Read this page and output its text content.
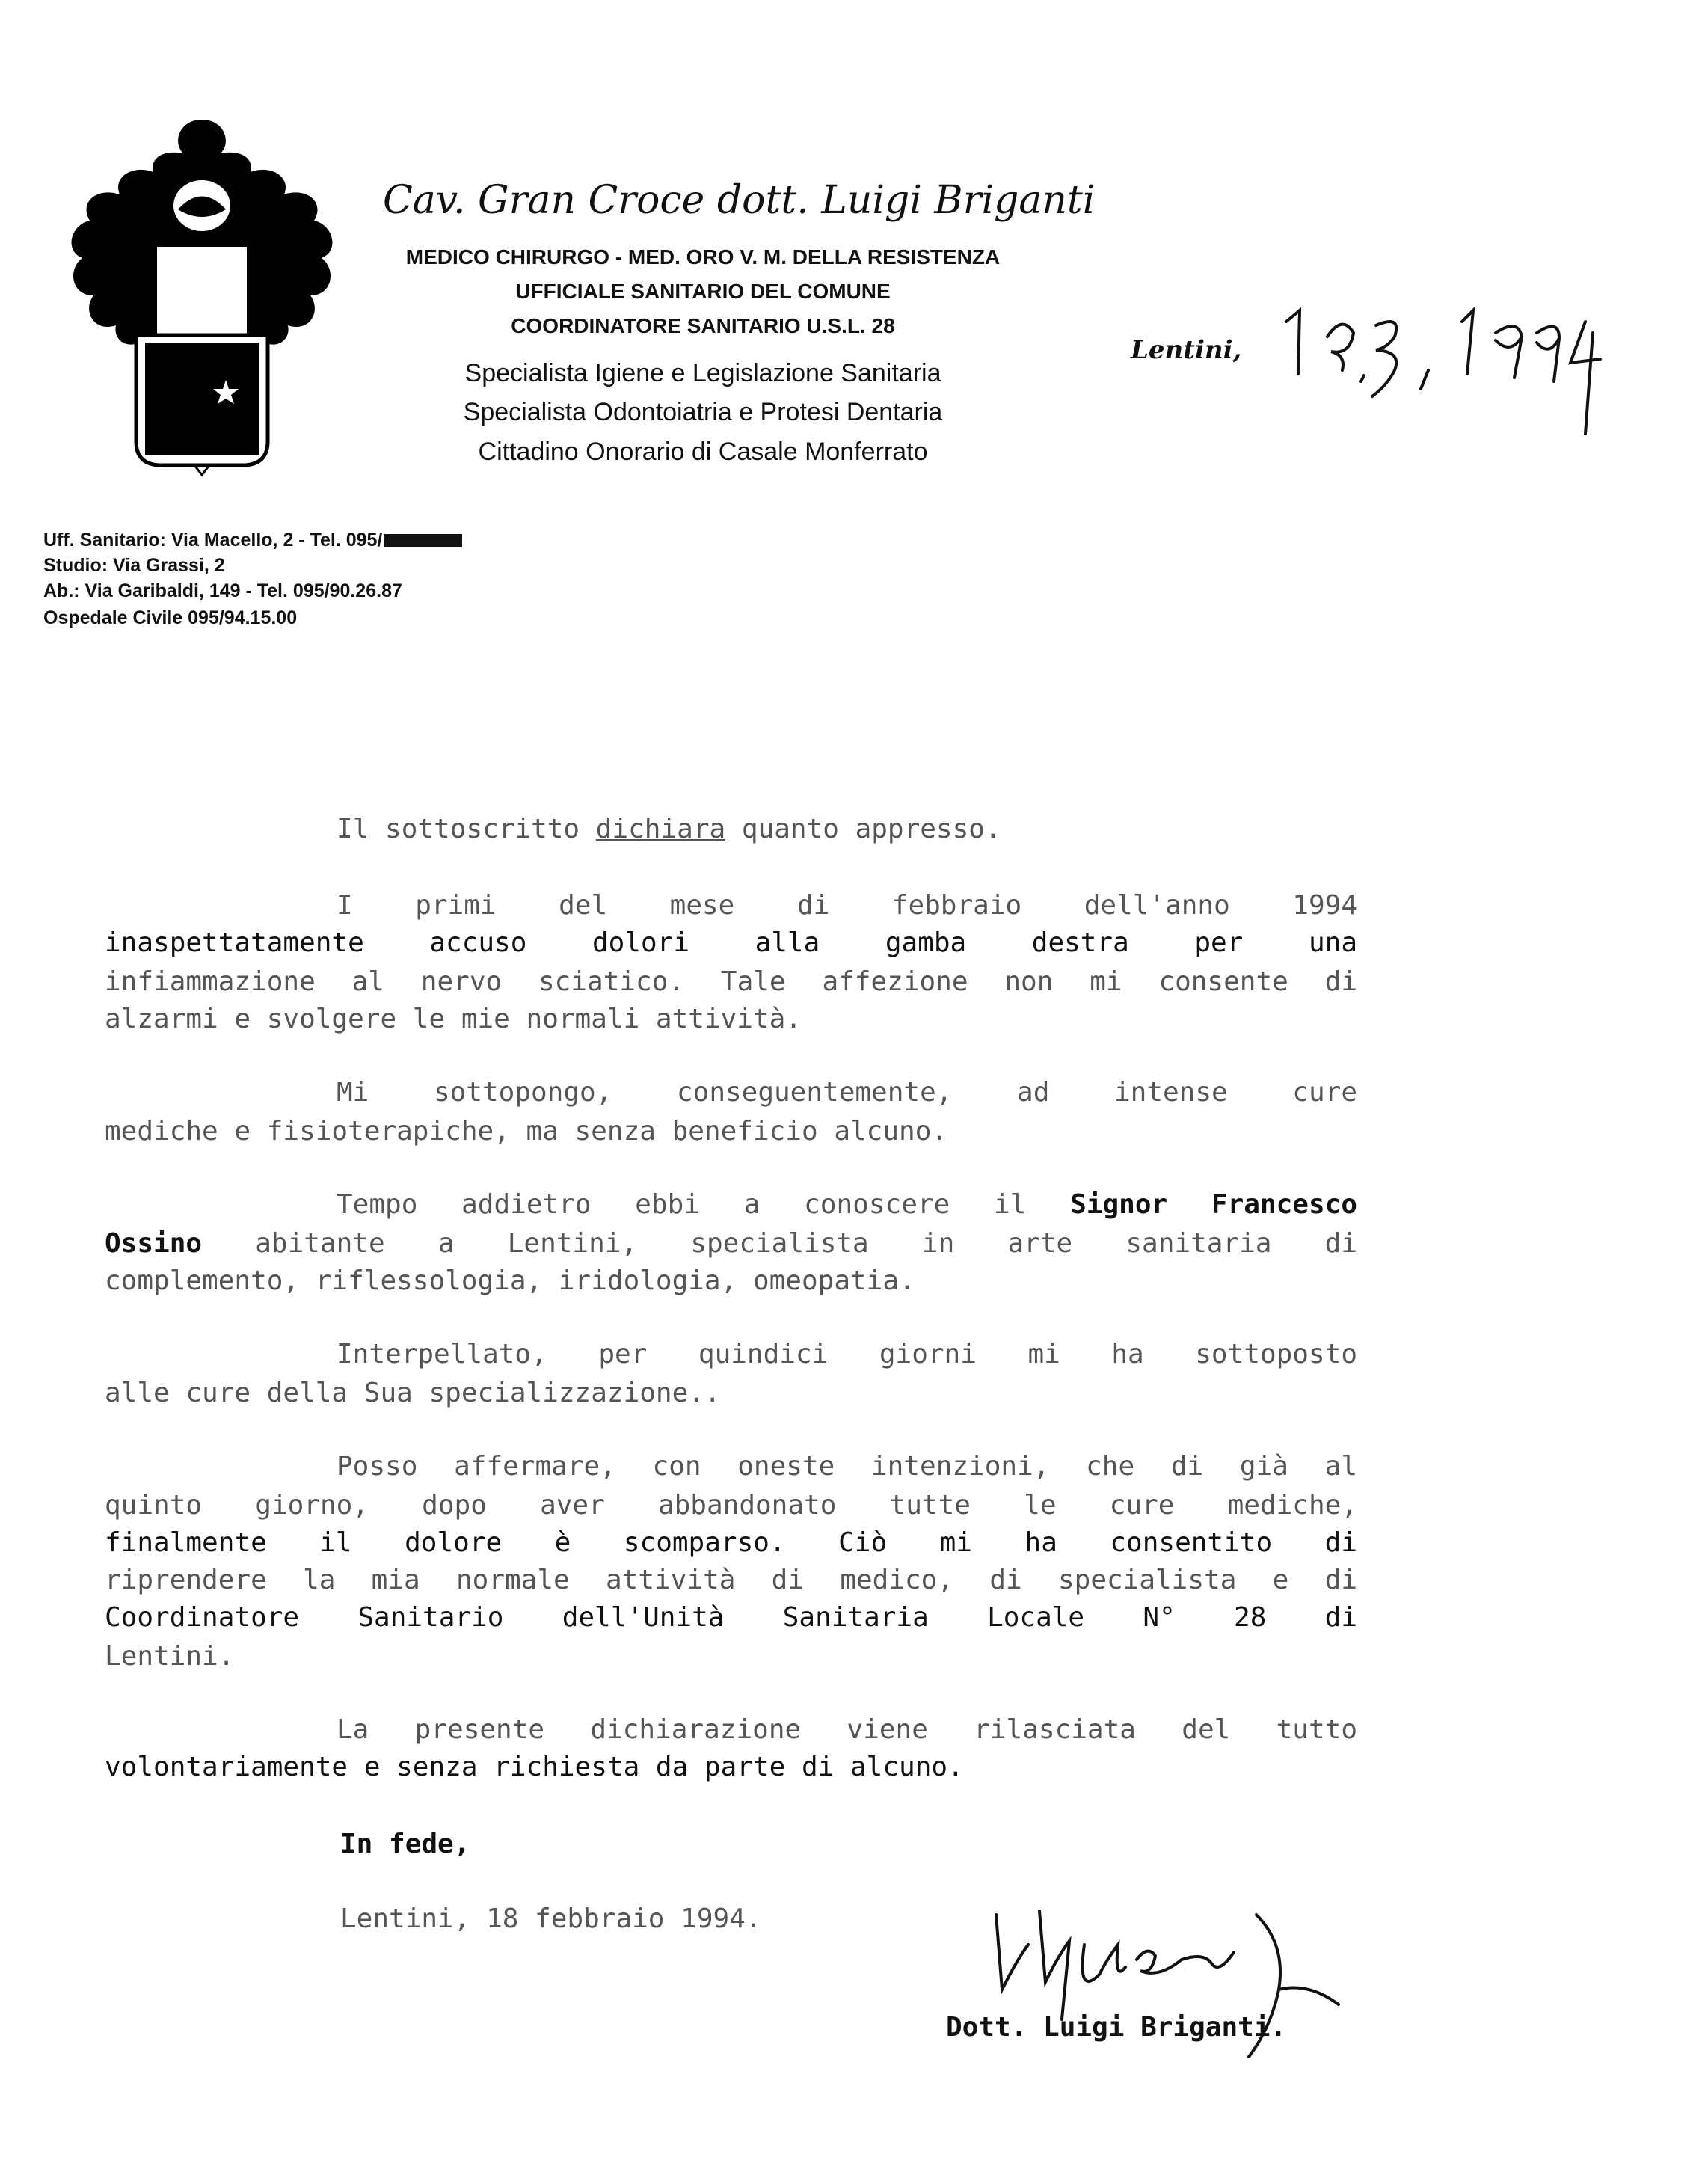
Cav. Gran Croce dott. Luigi Briganti
MEDICO CHIRURGO - MED. ORO V. M. DELLA RESISTENZA
UFFICIALE SANITARIO DEL COMUNE
COORDINATORE SANITARIO U.S.L. 28
Specialista Igiene e Legislazione Sanitaria
Specialista Odontoiatria e Protesi Dentaria
Cittadino Onorario di Casale Monferrato
Lentini,
Uff. Sanitario: Via Macello, 2 - Tel. 095/
Studio: Via Grassi, 2
Ab.: Via Garibaldi, 149 - Tel. 095/90.26.87
Ospedale Civile 095/94.15.00
Il sottoscritto dichiara quanto appresso.
I primi del mese di febbraio dell'anno 1994
inaspettatamente accuso dolori alla gamba destra per una
infiammazione al nervo sciatico. Tale affezione non mi consente di
alzarmi e svolgere le mie normali attività.
Mi sottopongo, conseguentemente, ad intense cure
mediche e fisioterapiche, ma senza beneficio alcuno.
Tempo addietro ebbi a conoscere il Signor Francesco
Ossino abitante a Lentini, specialista in arte sanitaria di
complemento, riflessologia, iridologia, omeopatia.
Interpellato, per quindici giorni mi ha sottoposto
alle cure della Sua specializzazione..
Posso affermare, con oneste intenzioni, che di già al
quinto giorno, dopo aver abbandonato tutte le cure mediche,
finalmente il dolore è scomparso. Ciò mi ha consentito di
riprendere la mia normale attività di medico, di specialista e di
Coordinatore Sanitario dell'Unità Sanitaria Locale N° 28 di
Lentini.
La presente dichiarazione viene rilasciata del tutto
volontariamente e senza richiesta da parte di alcuno.
In fede,
Lentini, 18 febbraio 1994.
Dott. Luigi Briganti.
